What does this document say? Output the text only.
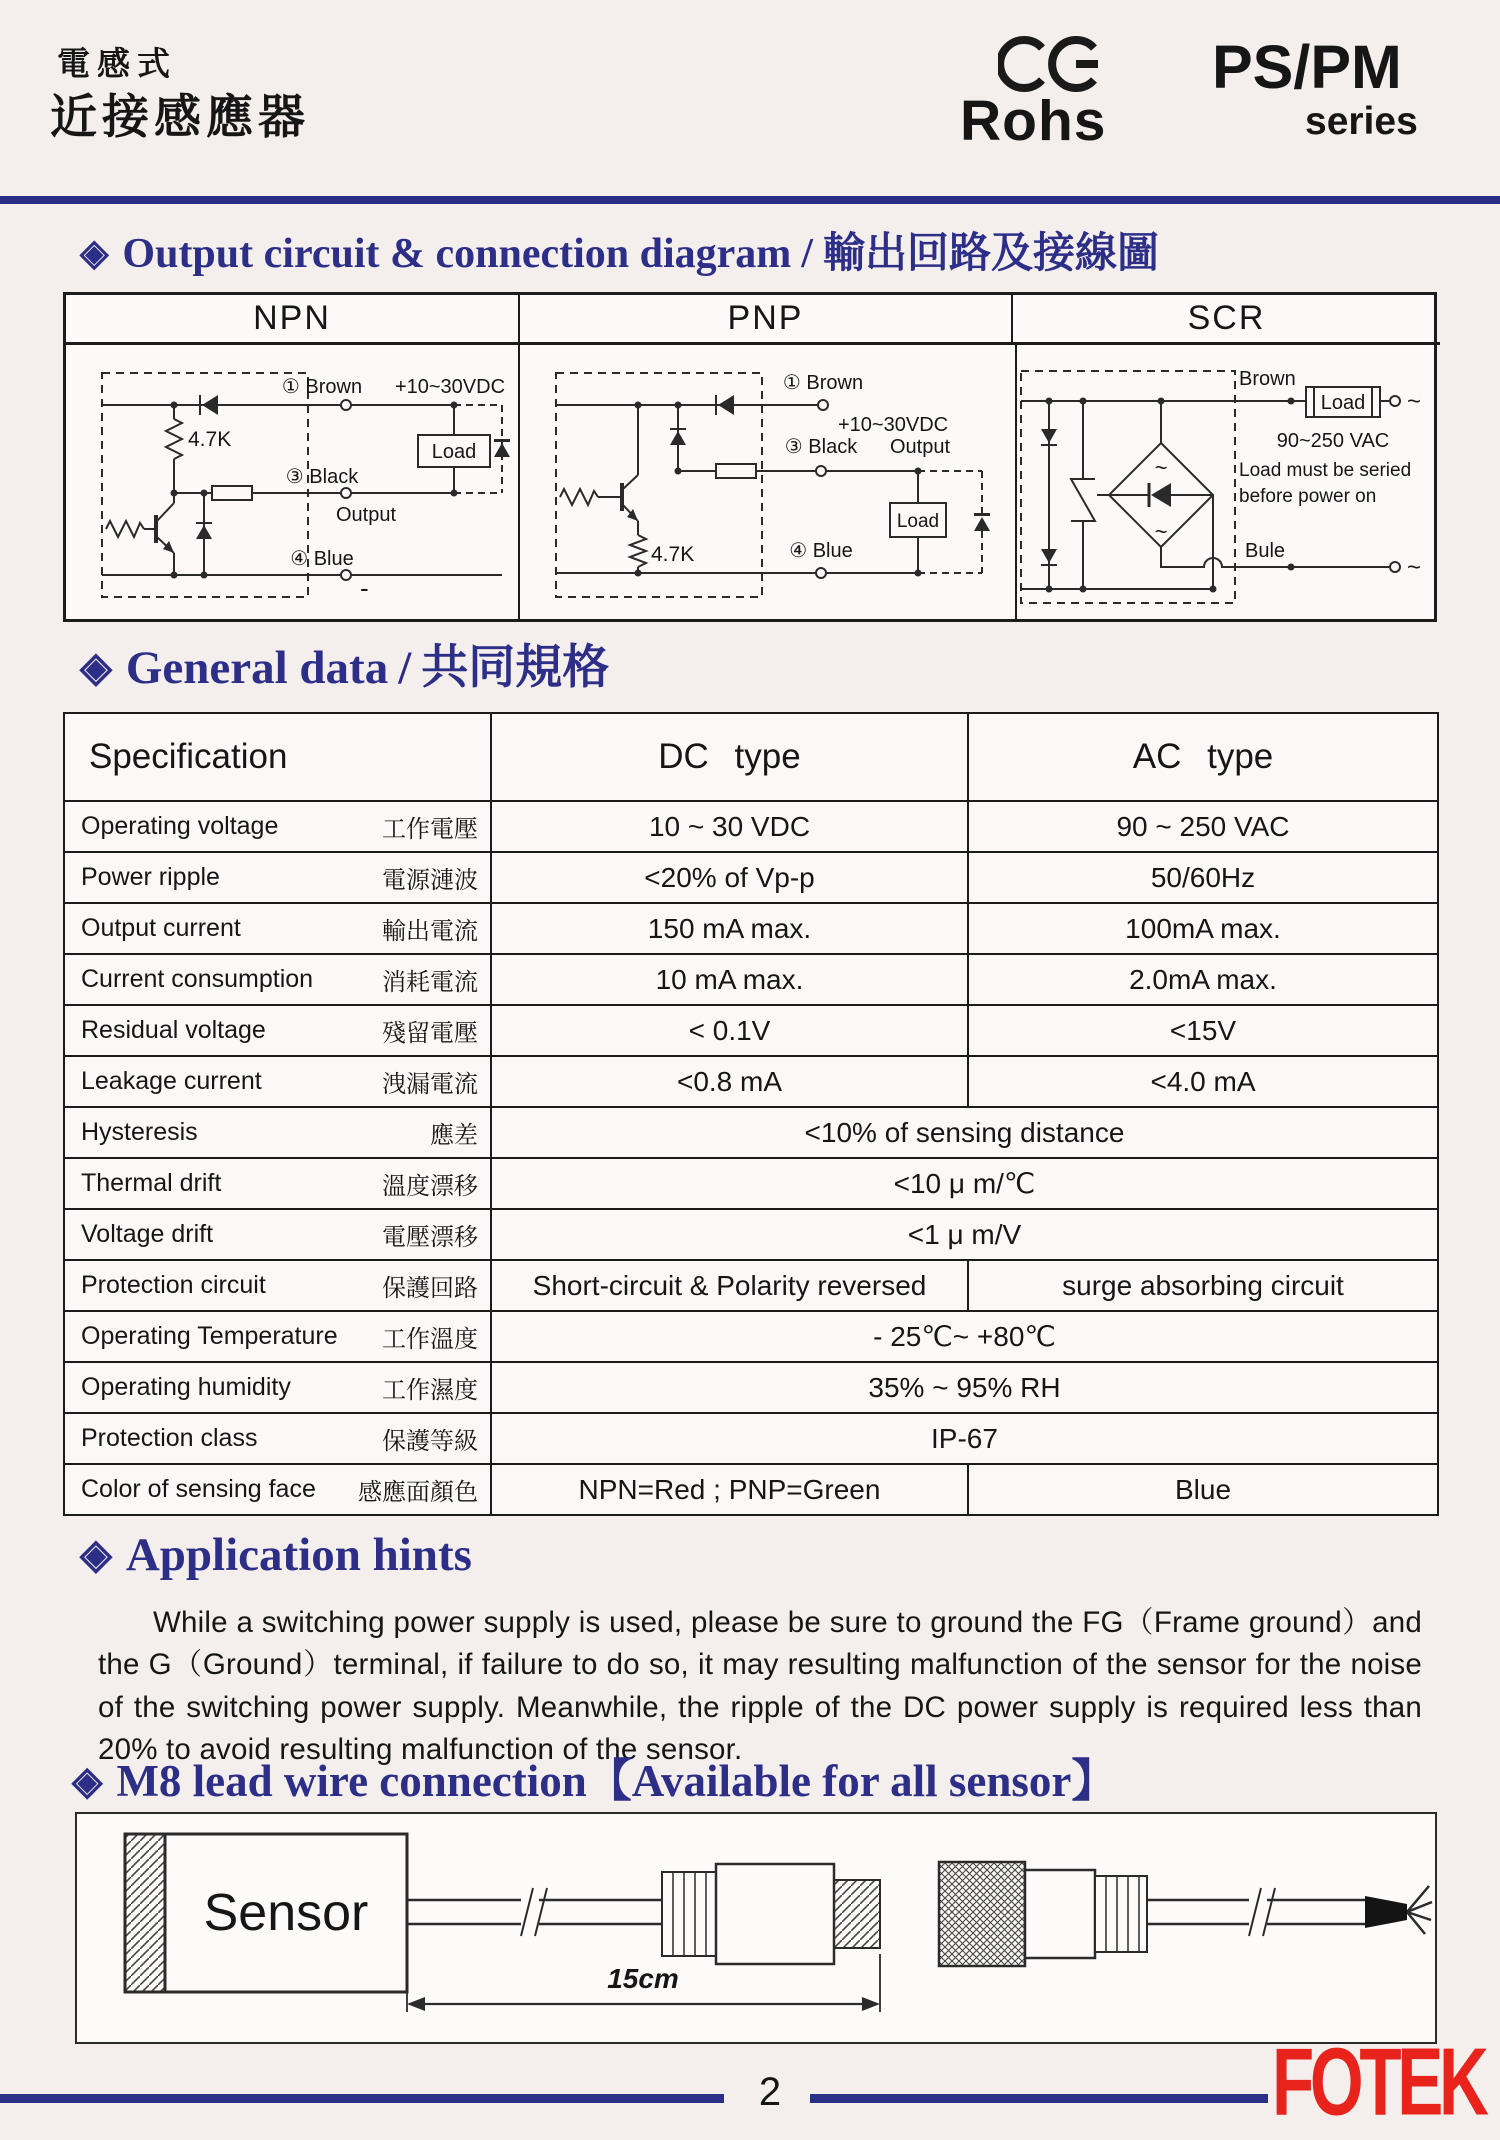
電感式
近接感應器	Rohs
PS/PM
series
◈ Output circuit & connection diagram / 輸出回路及接線圖
NPN	PNP	SCR
① Brown +10~30VDC
4.7K
Load
③ Black
Output
④ Blue
-
① Brown
+10~30VDC
③ Black Output
Load
4.7K	④ Blue
~
~
Brown
Load ~
90~250 VAC
Load must be seried
before power on
Bule
~
◈ General data / 共同規格
Specification	DC type	AC type

Operating voltage 工作電壓	10 ~ 30 VDC	90 ~ 250 VAC

Power ripple 電源漣波	<20% of Vp-p	50/60Hz

Output current 輸出電流	150 mA max.	100mA max.

Current consumption 消耗電流	10 mA max.	2.0mA max.

Residual voltage 殘留電壓	< 0.1V	<15V

Leakage current 洩漏電流	<0.8 mA	<4.0 mA

Hysteresis 應差	<10% of sensing distance	

Thermal drift 溫度漂移	<10 μ m/℃	

Voltage drift 電壓漂移	<1 μ m/V	

Protection circuit 保護回路	Short-circuit & Polarity reversed	surge absorbing circuit

Operating Temperature 工作溫度	- 25℃~ +80℃	

Operating humidity 工作濕度	35% ~ 95% RH	

Protection class 保護等級	IP-67	

Color of sensing face 感應面顏色	NPN=Red ; PNP=Green	Blue
◈ Application hints
While a switching power supply is used, please be sure to ground the FG（Frame ground）and the G（Ground）terminal, if failure to do so, it may resulting malfunction of the sensor for the noise of the switching power supply. Meanwhile, the ripple of the DC power supply is required less than 20% to avoid resulting malfunction of the sensor.
◈ M8 lead wire connection【Available for all sensor】
Sensor
15cm
2	FOTEK
